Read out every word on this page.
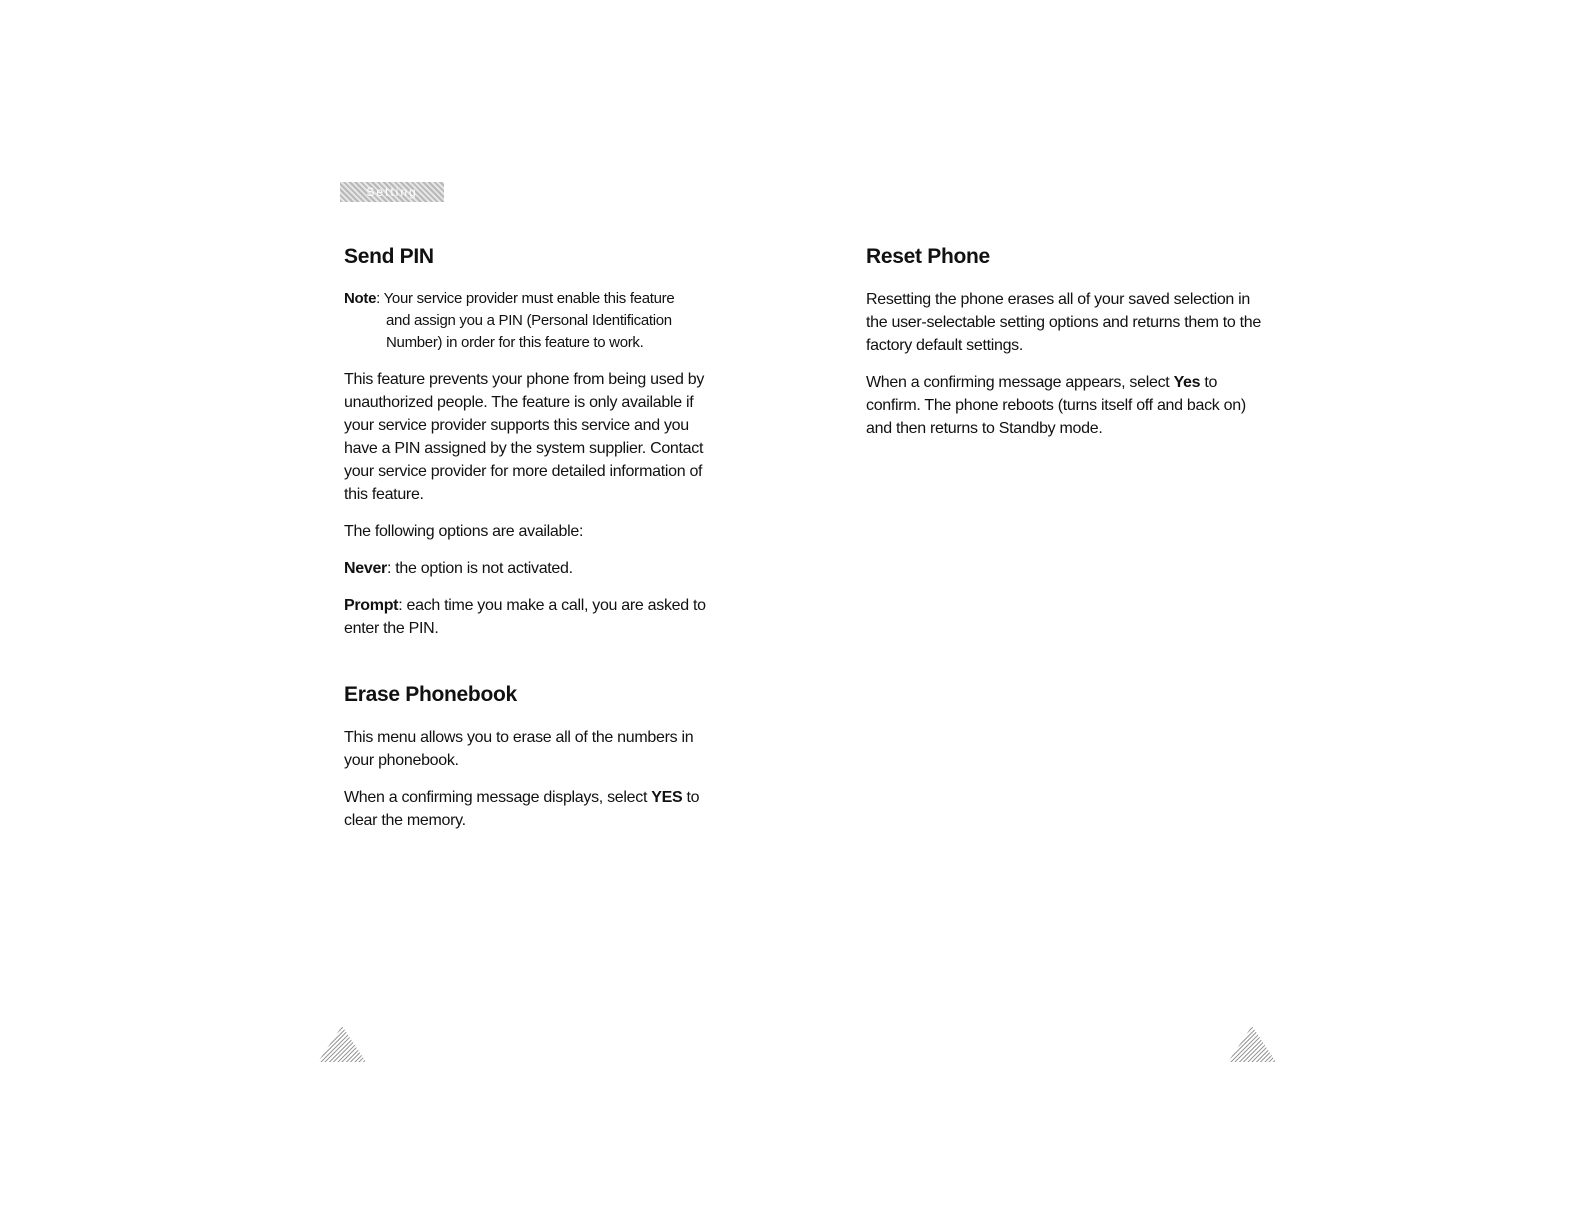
Setting
Send PIN

Note: Your service provider must enable this feature
and assign you a PIN (Personal Identification
Number) in order for this feature to work.

This feature prevents your phone from being used by unauthorized people. The feature is only available if your service provider supports this service and you have a PIN assigned by the system supplier. Contact your service provider for more detailed information of this feature.

The following options are available:

Never: the option is not activated.

Prompt: each time you make a call, you are asked to enter the PIN.

Erase Phonebook

This menu allows you to erase all of the numbers in your phonebook.

When a confirming message displays, select YES to clear the memory.

Reset Phone

Resetting the phone erases all of your saved selection in the user-selectable setting options and returns them to the factory default settings.

When a confirming message appears, select Yes to confirm. The phone reboots (turns itself off and back on) and then returns to Standby mode.
